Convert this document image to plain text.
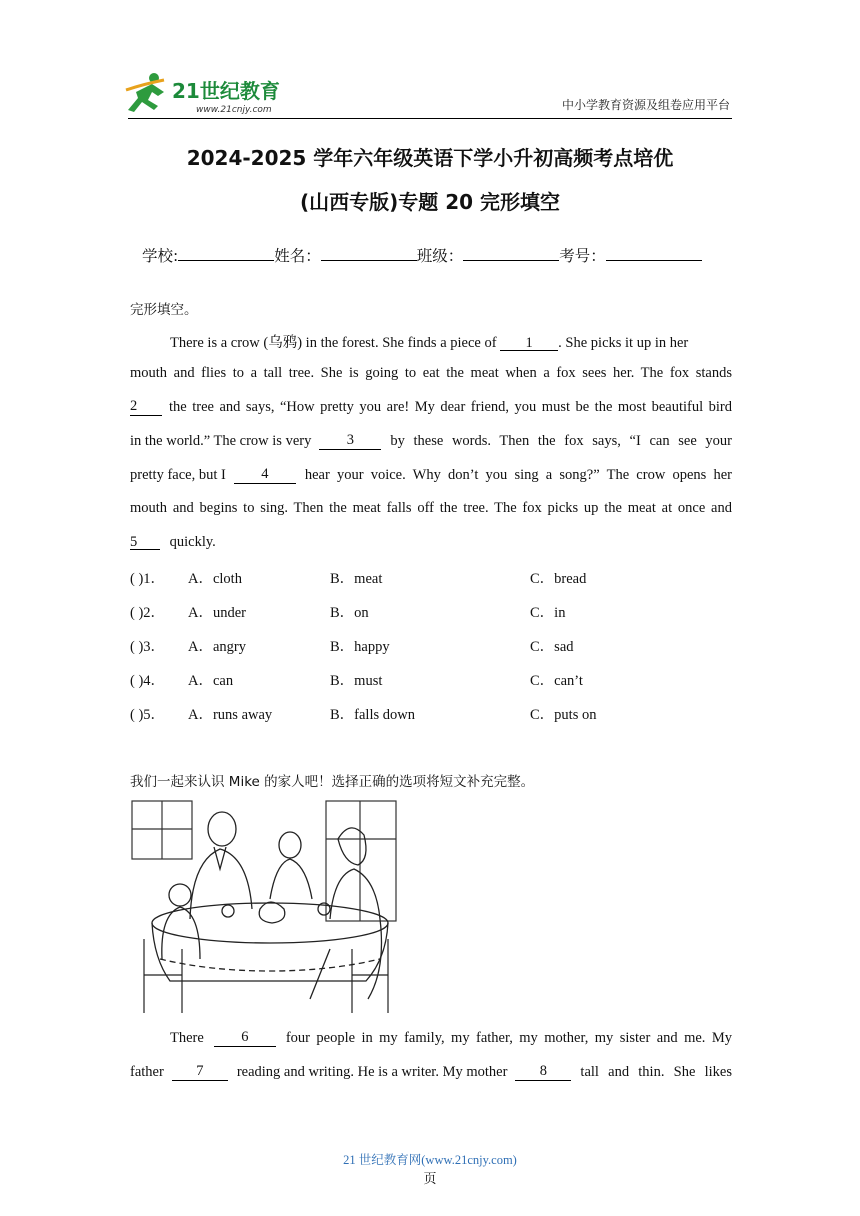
21世纪教育
www.21cnjy.com	中小学教育资源及组卷应用平台
2024-2025 学年六年级英语下学小升初高频考点培优
(山西专版)专题 20 完形填空
学校:	姓名：	班级：	考号：
完形填空。
There is a crow (乌鸦) in the forest. She finds a piece of 1 . She picks it up in her
mouth and flies to a tall tree. She is going to eat the meat when a fox sees her. The fox stands
2	the tree and says, “How pretty you are! My dear friend, you must be the most beautiful bird
in the world.” The crow is very	3	by these words. Then the fox says, “I can see your
pretty face, but I	4	hear your voice. Why don’t you sing a song?” The crow opens her
mouth and begins to sing. Then the meat falls off the tree. The fox picks up the meat at once and
5 quickly.
( )1． A．cloth	B．meat	C．bread
( )2． A．under	B．on	C．in
( )3． A．angry	B．happy	C．sad
( )4． A．can	B．must	C．can’t
( )5． A．runs away	B．falls down	C．puts on
我们一起来认识 Mike 的家人吧！选择正确的选项将短文补充完整。
There	6	four people in my family, my father, my mother, my sister and me. My
father	7	reading and writing. He is a writer. My mother	8	tall and thin. She likes
21 世纪教育网(www.21cnjy.com)
页
